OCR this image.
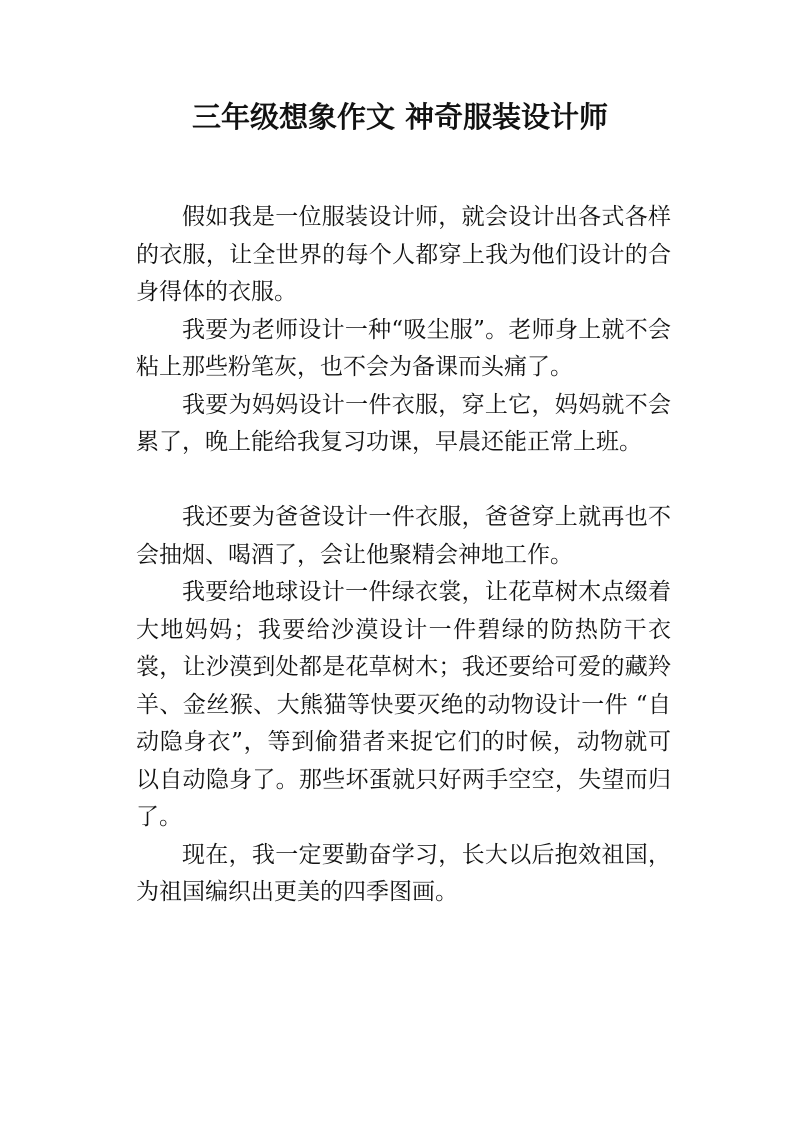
三年级想象作文 神奇服装设计师

假如我是一位服装设计师，就会设计出各式各样的衣服，让全世界的每个人都穿上我为他们设计的合身得体的衣服。

我要为老师设计一种“吸尘服”。老师身上就不会粘上那些粉笔灰，也不会为备课而头痛了。

我要为妈妈设计一件衣服，穿上它，妈妈就不会累了，晚上能给我复习功课，早晨还能正常上班。

我还要为爸爸设计一件衣服，爸爸穿上就再也不会抽烟、喝酒了，会让他聚精会神地工作。

我要给地球设计一件绿衣裳，让花草树木点缀着大地妈妈；我要给沙漠设计一件碧绿的防热防干衣裳，让沙漠到处都是花草树木；我还要给可爱的藏羚羊、金丝猴、大熊猫等快要灭绝的动物设计一件 “自动隐身衣”，等到偷猎者来捉它们的时候，动物就可以自动隐身了。那些坏蛋就只好两手空空，失望而归了。

现在，我一定要勤奋学习，长大以后抱效祖国，为祖国编织出更美的四季图画。
